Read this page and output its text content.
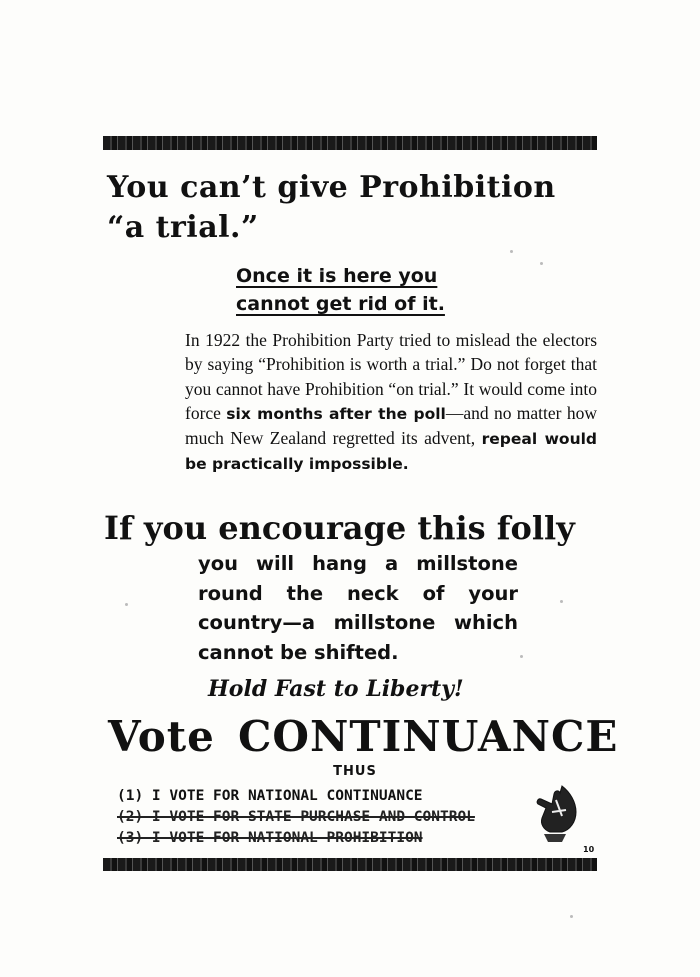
You can’t give Prohibition
“a trial.”
Once it is here you
cannot get rid of it.

In 1922 the Prohibition Party tried to mislead the electors by saying “Prohibition is worth a trial.” Do not forget that you cannot have Prohibition “on trial.” It would come into force six months after the poll—and no matter how much New Zealand regretted its advent, repeal would be practically impossible.

If you encourage this folly

you will hang a millstone round the neck of your country—a millstone which cannot be shifted.

Hold Fast to Liberty!

Vote CONTINUANCE

THUS

(1) I VOTE FOR NATIONAL CONTINUANCE
(2) I VOTE FOR STATE PURCHASE AND CONTROL
(3) I VOTE FOR NATIONAL PROHIBITION

10
